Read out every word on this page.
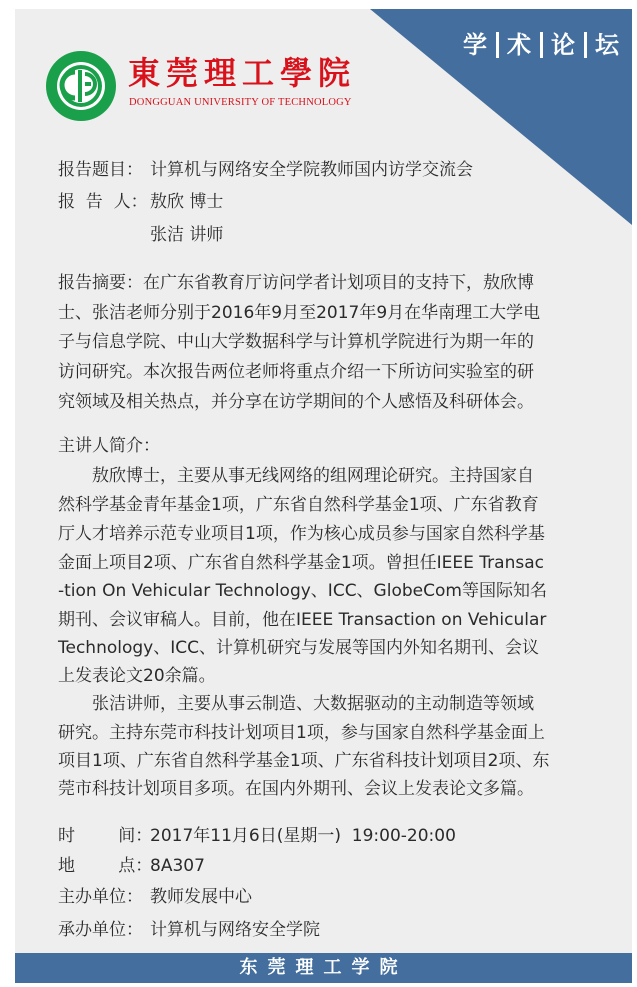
学 术 论 坛
東莞理工學院
DONGGUAN UNIVERSITY OF TECHNOLOGY
报告题目： 计算机与网络安全学院教师国内访学交流会
报  告  人： 敖欣 博士
张洁 讲师
报告摘要：在广东省教育厅访问学者计划项目的支持下，敖欣博
士、张洁老师分别于2016年9月至2017年9月在华南理工大学电
子与信息学院、中山大学数据科学与计算机学院进行为期一年的
访问研究。本次报告两位老师将重点介绍一下所访问实验室的研
究领域及相关热点，并分享在访学期间的个人感悟及科研体会。
主讲人简介：
敖欣博士，主要从事无线网络的组网理论研究。主持国家自
然科学基金青年基金1项，广东省自然科学基金1项、广东省教育
厅人才培养示范专业项目1项，作为核心成员参与国家自然科学基
金面上项目2项、广东省自然科学基金1项。曾担任IEEE Transac
-tion On Vehicular Technology、ICC、GlobeCom等国际知名
期刊、会议审稿人。目前，他在IEEE Transaction on Vehicular
Technology、ICC、计算机研究与发展等国内外知名期刊、会议
上发表论文20余篇。
张洁讲师，主要从事云制造、大数据驱动的主动制造等领域
研究。主持东莞市科技计划项目1项，参与国家自然科学基金面上
项目1项、广东省自然科学基金1项、广东省科技计划项目2项、东
莞市科技计划项目多项。在国内外期刊、会议上发表论文多篇。
时        间：2017年11月6日(星期一)  19:00-20:00
地        点：8A307
主办单位： 教师发展中心
承办单位： 计算机与网络安全学院
东莞理工学院
